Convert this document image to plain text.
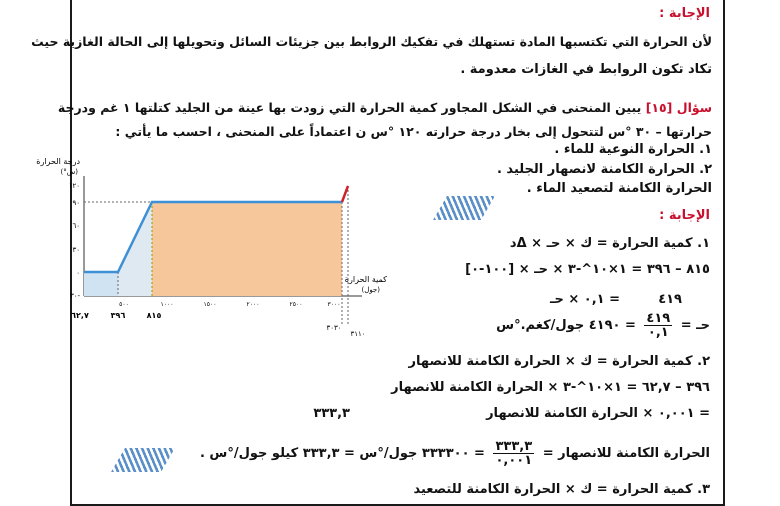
الإجابة :
لأن الحرارة التي تكتسبها المادة تستهلك في تفكيك الروابط بين جزيئات السائل وتحويلها إلى الحالة الغازية حيث
تكاد تكون الروابط في الغازات معدومة .
سؤال [١٥] يبين المنحنى في الشكل المجاور كمية الحرارة التي زودت بها عينة من الجليد كتلتها ١ غم ودرجة
حرارتها – ٣٠ °س لتتحول إلى بخار درجة حرارته ١٢٠ °س ن اعتماداً على المنحنى ، احسب ما يأتي :
١. الحرارة النوعية للماء .
٢. الحرارة الكامنة لانصهار الجليد .
الحرارة الكامنة لتصعيد الماء .
الإجابة :
درجة الحرارة
(°س)
١٢٠
٩٠
٦٠
٣٠
٠
٣٠-
٥٠٠	١٠٠٠	١٥٠٠	٢٠٠٠	٢٥٠٠	٣٠٠٠
كمية الحرارة
(جول)
٦٢,٧	٣٩٦	٨١٥
٣٠٣٠
٣١١٠
١. كمية الحرارة = ك × حـ × Δد
٨١٥ – ٣٩٦ = ١×١٠^-٣ × حـ × [١٠٠-٠]
= ٠,١ × حـ	٤١٩
حـ =
$\frac{٤١٩}{٠,١}$
= ٤١٩٠ جول/كغم.°س
٢. كمية الحرارة = ك × الحرارة الكامنة للانصهار
٣٩٦ – ٦٢,٧ = ١×١٠^-٣ × الحرارة الكامنة للانصهار
= ٠,٠٠١ × الحرارة الكامنة للانصهار
٣٣٣,٣
الحرارة الكامنة للانصهار =
$\frac{٣٣٣,٣}{٠,٠٠١}$
= ٣٣٣٣٠٠ جول/°س = ٣٣٣,٣ كيلو جول/°س .
٣. كمية الحرارة = ك × الحرارة الكامنة للتصعيد
